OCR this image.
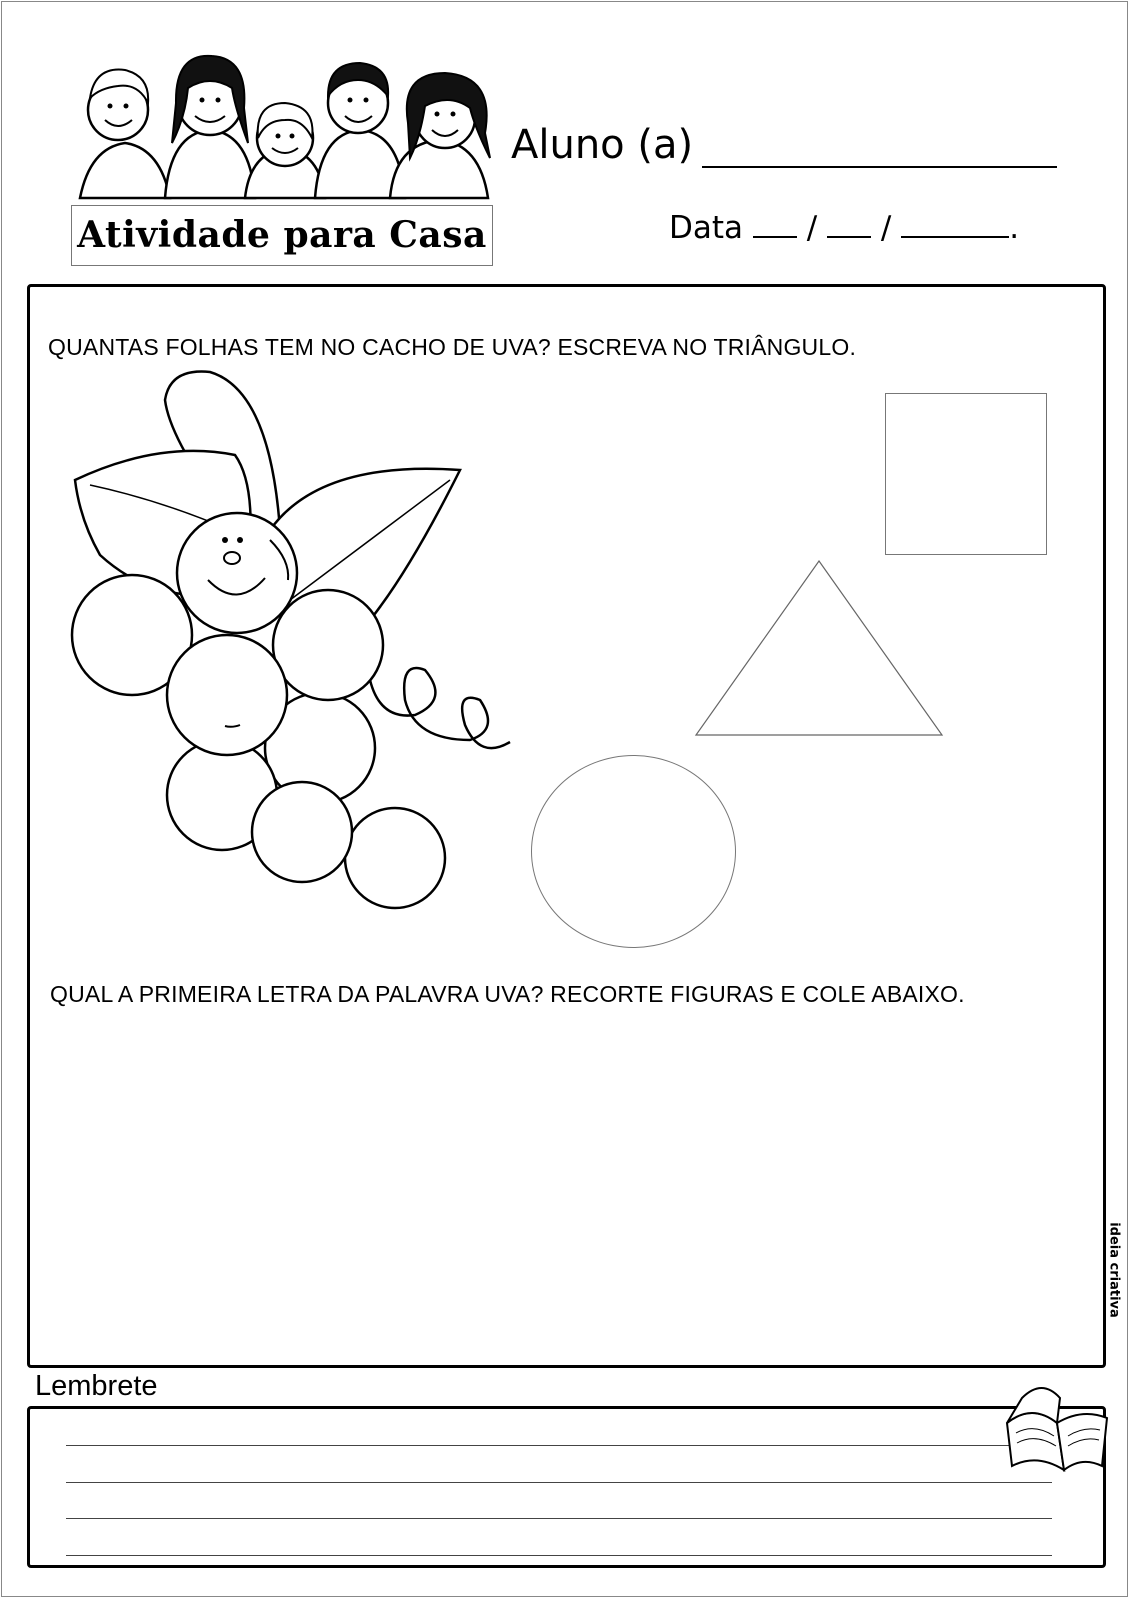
Atividade para Casa
Aluno (a)
Data / /	.
QUANTAS FOLHAS TEM NO CACHO DE UVA? ESCREVA NO TRIÂNGULO.
QUAL A PRIMEIRA LETRA DA PALAVRA UVA? RECORTE FIGURAS E COLE ABAIXO.
ideia criativa
Lembrete
